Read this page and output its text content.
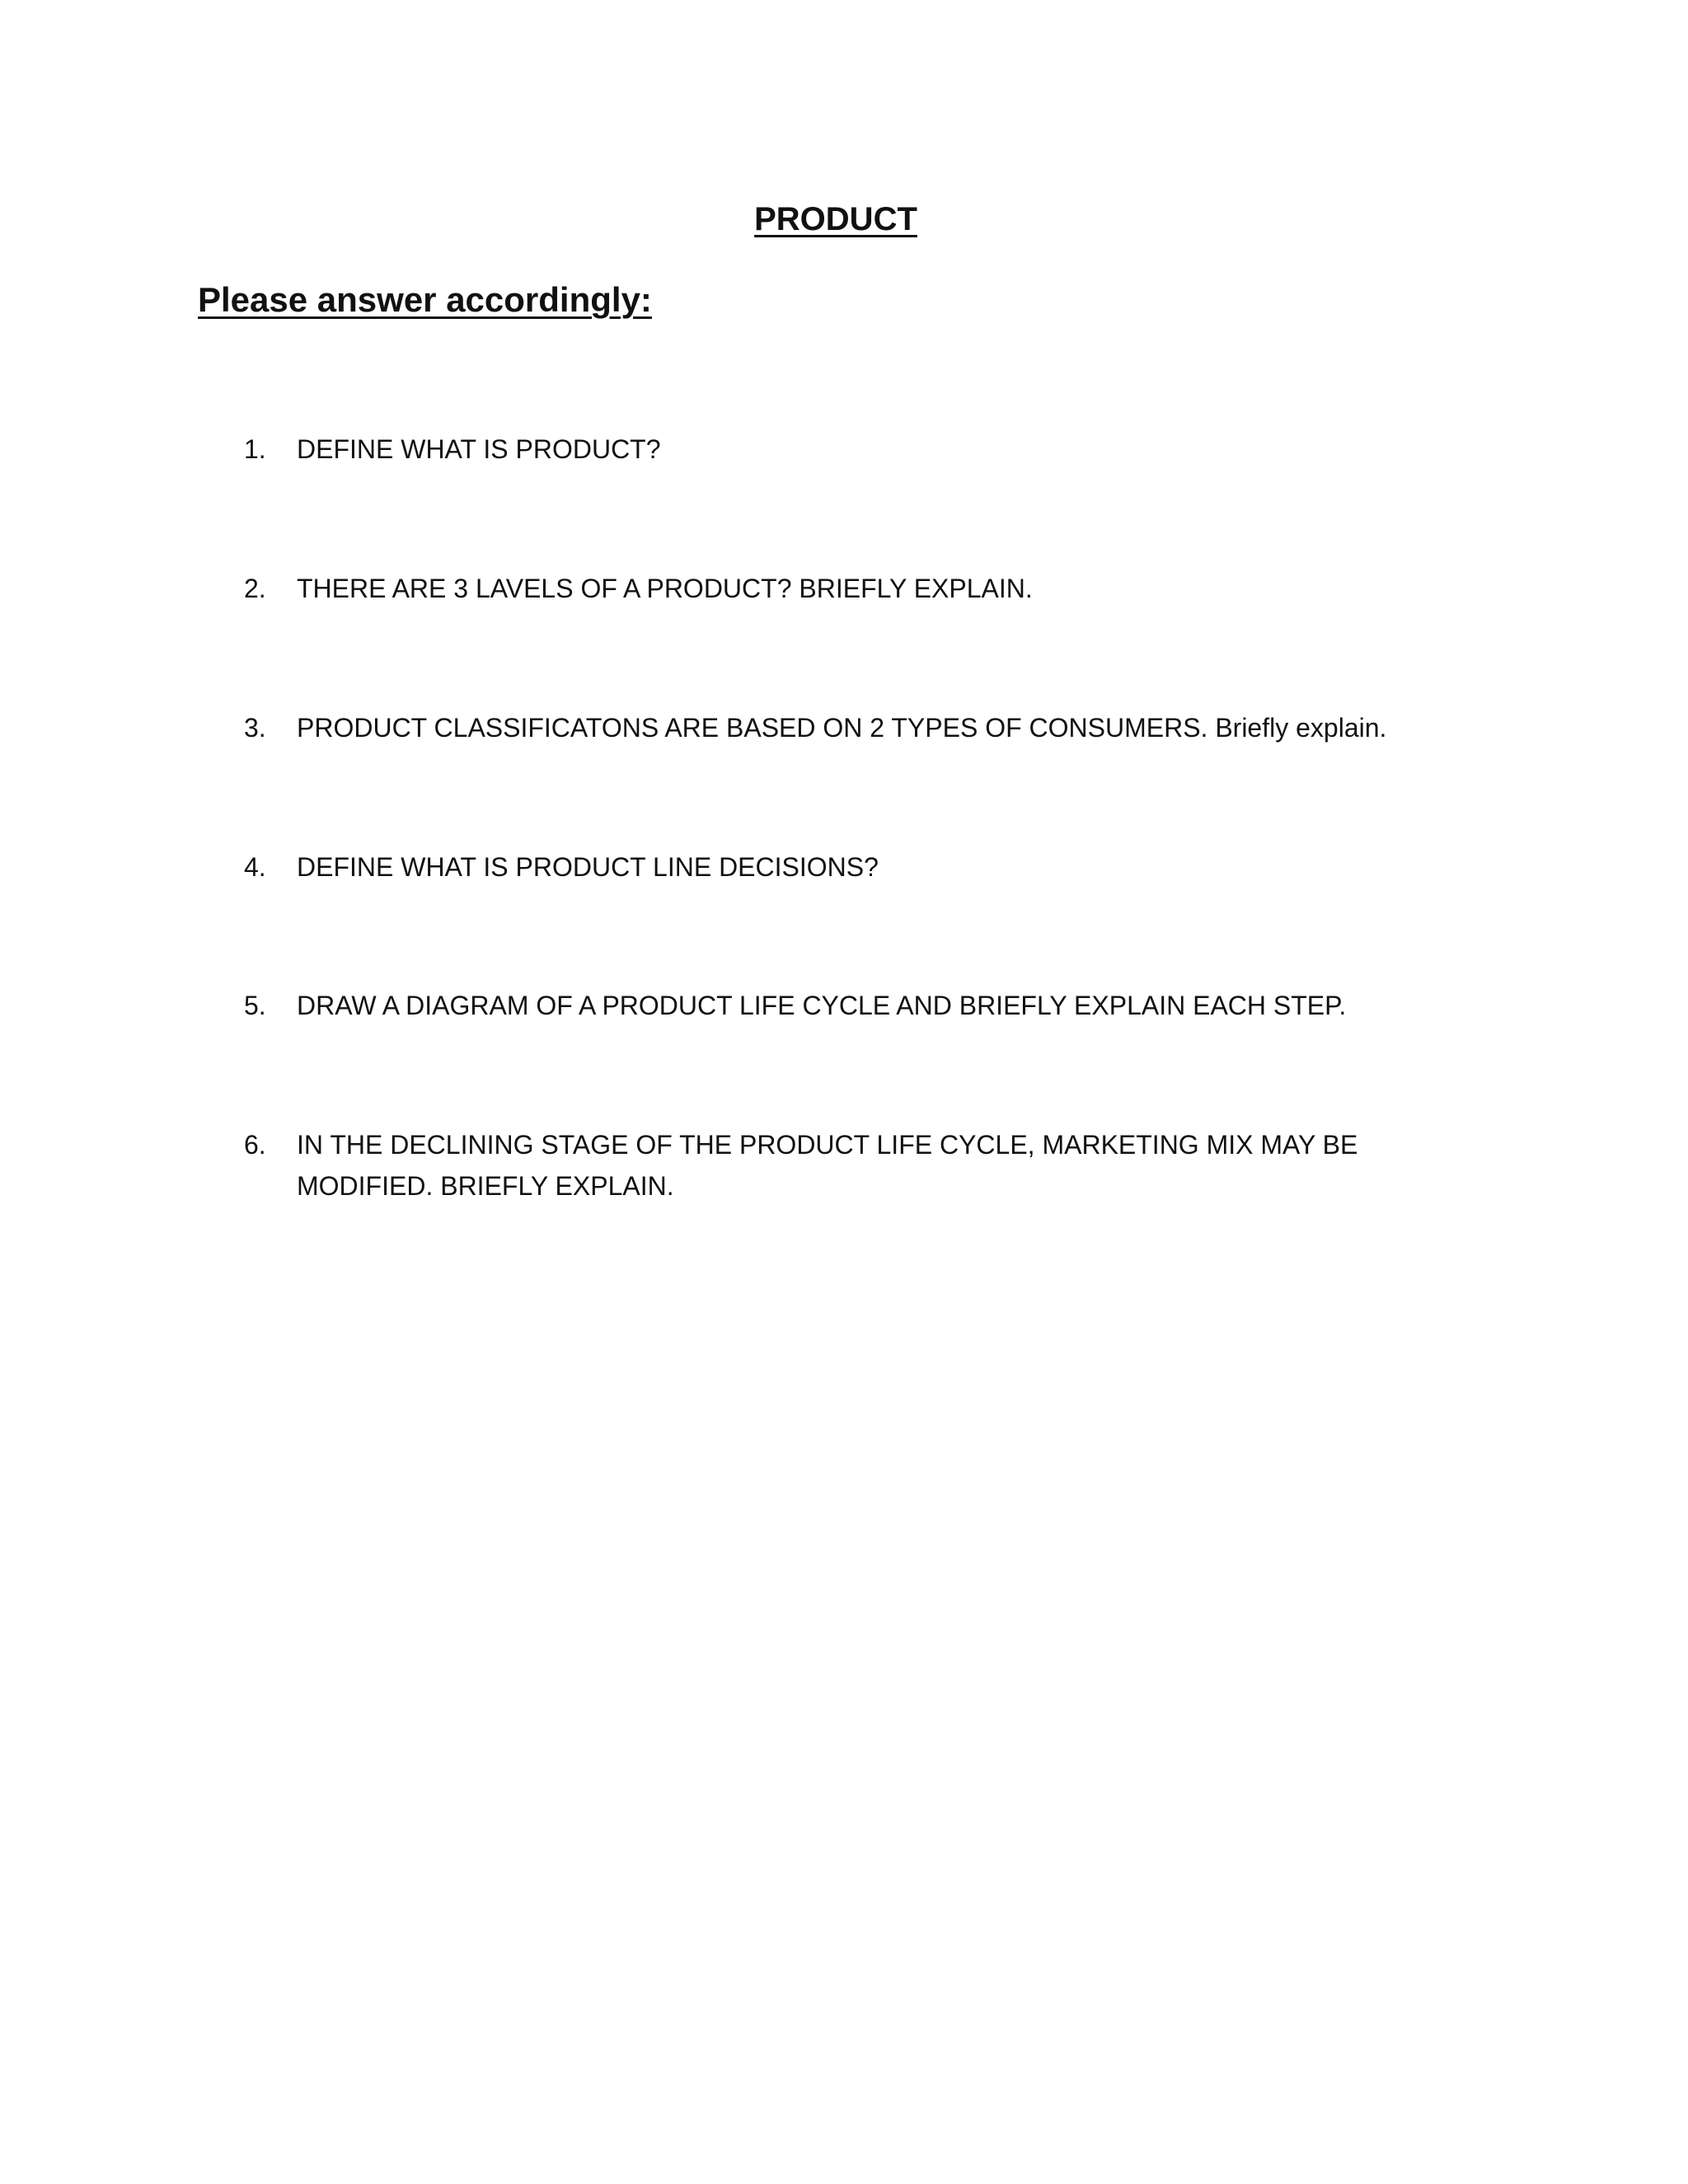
PRODUCT
Please answer accordingly:
1.	DEFINE WHAT IS PRODUCT?
2.	THERE ARE 3 LAVELS OF A PRODUCT? BRIEFLY EXPLAIN.
3.	PRODUCT CLASSIFICATONS ARE BASED ON 2 TYPES OF CONSUMERS. Briefly explain.
4.	DEFINE WHAT IS PRODUCT LINE DECISIONS?
5.	DRAW A DIAGRAM OF A PRODUCT LIFE CYCLE AND BRIEFLY EXPLAIN EACH STEP.
6.	IN THE DECLINING STAGE OF THE PRODUCT LIFE CYCLE, MARKETING MIX MAY BE MODIFIED. BRIEFLY EXPLAIN.
